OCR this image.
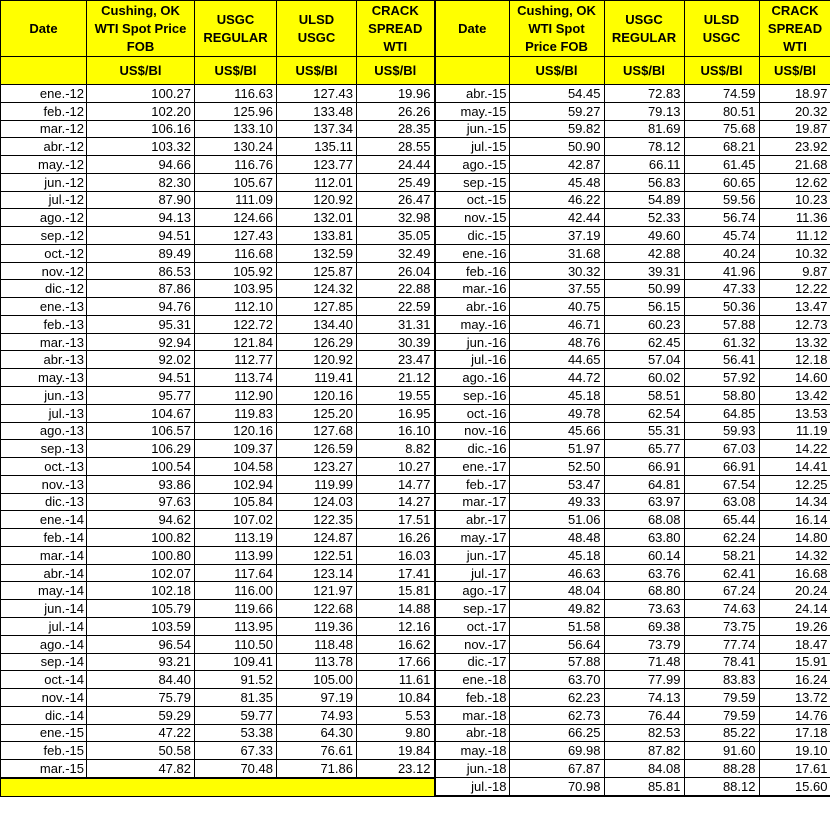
Date	Cushing, OK WTI Spot Price FOB	USGC REGULAR	ULSD USGC	CRACK SPREAD WTI
	US$/Bl	US$/Bl	US$/Bl	US$/Bl
ene.-12	100.27	116.63	127.43	19.96
feb.-12	102.20	125.96	133.48	26.26
mar.-12	106.16	133.10	137.34	28.35
abr.-12	103.32	130.24	135.11	28.55
may.-12	94.66	116.76	123.77	24.44
jun.-12	82.30	105.67	112.01	25.49
jul.-12	87.90	111.09	120.92	26.47
ago.-12	94.13	124.66	132.01	32.98
sep.-12	94.51	127.43	133.81	35.05
oct.-12	89.49	116.68	132.59	32.49
nov.-12	86.53	105.92	125.87	26.04
dic.-12	87.86	103.95	124.32	22.88
ene.-13	94.76	112.10	127.85	22.59
feb.-13	95.31	122.72	134.40	31.31
mar.-13	92.94	121.84	126.29	30.39
abr.-13	92.02	112.77	120.92	23.47
may.-13	94.51	113.74	119.41	21.12
jun.-13	95.77	112.90	120.16	19.55
jul.-13	104.67	119.83	125.20	16.95
ago.-13	106.57	120.16	127.68	16.10
sep.-13	106.29	109.37	126.59	8.82
oct.-13	100.54	104.58	123.27	10.27
nov.-13	93.86	102.94	119.99	14.77
dic.-13	97.63	105.84	124.03	14.27
ene.-14	94.62	107.02	122.35	17.51
feb.-14	100.82	113.19	124.87	16.26
mar.-14	100.80	113.99	122.51	16.03
abr.-14	102.07	117.64	123.14	17.41
may.-14	102.18	116.00	121.97	15.81
jun.-14	105.79	119.66	122.68	14.88
jul.-14	103.59	113.95	119.36	12.16
ago.-14	96.54	110.50	118.48	16.62
sep.-14	93.21	109.41	113.78	17.66
oct.-14	84.40	91.52	105.00	11.61
nov.-14	75.79	81.35	97.19	10.84
dic.-14	59.29	59.77	74.93	5.53
ene.-15	47.22	53.38	64.30	9.80
feb.-15	50.58	67.33	76.61	19.84
mar.-15	47.82	70.48	71.86	23.12

Date	Cushing, OK WTI Spot Price FOB	USGC REGULAR	ULSD USGC	CRACK SPREAD WTI
	US$/Bl	US$/Bl	US$/Bl	US$/Bl
abr.-15	54.45	72.83	74.59	18.97
may.-15	59.27	79.13	80.51	20.32
jun.-15	59.82	81.69	75.68	19.87
jul.-15	50.90	78.12	68.21	23.92
ago.-15	42.87	66.11	61.45	21.68
sep.-15	45.48	56.83	60.65	12.62
oct.-15	46.22	54.89	59.56	10.23
nov.-15	42.44	52.33	56.74	11.36
dic.-15	37.19	49.60	45.74	11.12
ene.-16	31.68	42.88	40.24	10.32
feb.-16	30.32	39.31	41.96	9.87
mar.-16	37.55	50.99	47.33	12.22
abr.-16	40.75	56.15	50.36	13.47
may.-16	46.71	60.23	57.88	12.73
jun.-16	48.76	62.45	61.32	13.32
jul.-16	44.65	57.04	56.41	12.18
ago.-16	44.72	60.02	57.92	14.60
sep.-16	45.18	58.51	58.80	13.42
oct.-16	49.78	62.54	64.85	13.53
nov.-16	45.66	55.31	59.93	11.19
dic.-16	51.97	65.77	67.03	14.22
ene.-17	52.50	66.91	66.91	14.41
feb.-17	53.47	64.81	67.54	12.25
mar.-17	49.33	63.97	63.08	14.34
abr.-17	51.06	68.08	65.44	16.14
may.-17	48.48	63.80	62.24	14.80
jun.-17	45.18	60.14	58.21	14.32
jul.-17	46.63	63.76	62.41	16.68
ago.-17	48.04	68.80	67.24	20.24
sep.-17	49.82	73.63	74.63	24.14
oct.-17	51.58	69.38	73.75	19.26
nov.-17	56.64	73.79	77.74	18.47
dic.-17	57.88	71.48	78.41	15.91
ene.-18	63.70	77.99	83.83	16.24
feb.-18	62.23	74.13	79.59	13.72
mar.-18	62.73	76.44	79.59	14.76
abr.-18	66.25	82.53	85.22	17.18
may.-18	69.98	87.82	91.60	19.10
jun.-18	67.87	84.08	88.28	17.61
jul.-18	70.98	85.81	88.12	15.60
